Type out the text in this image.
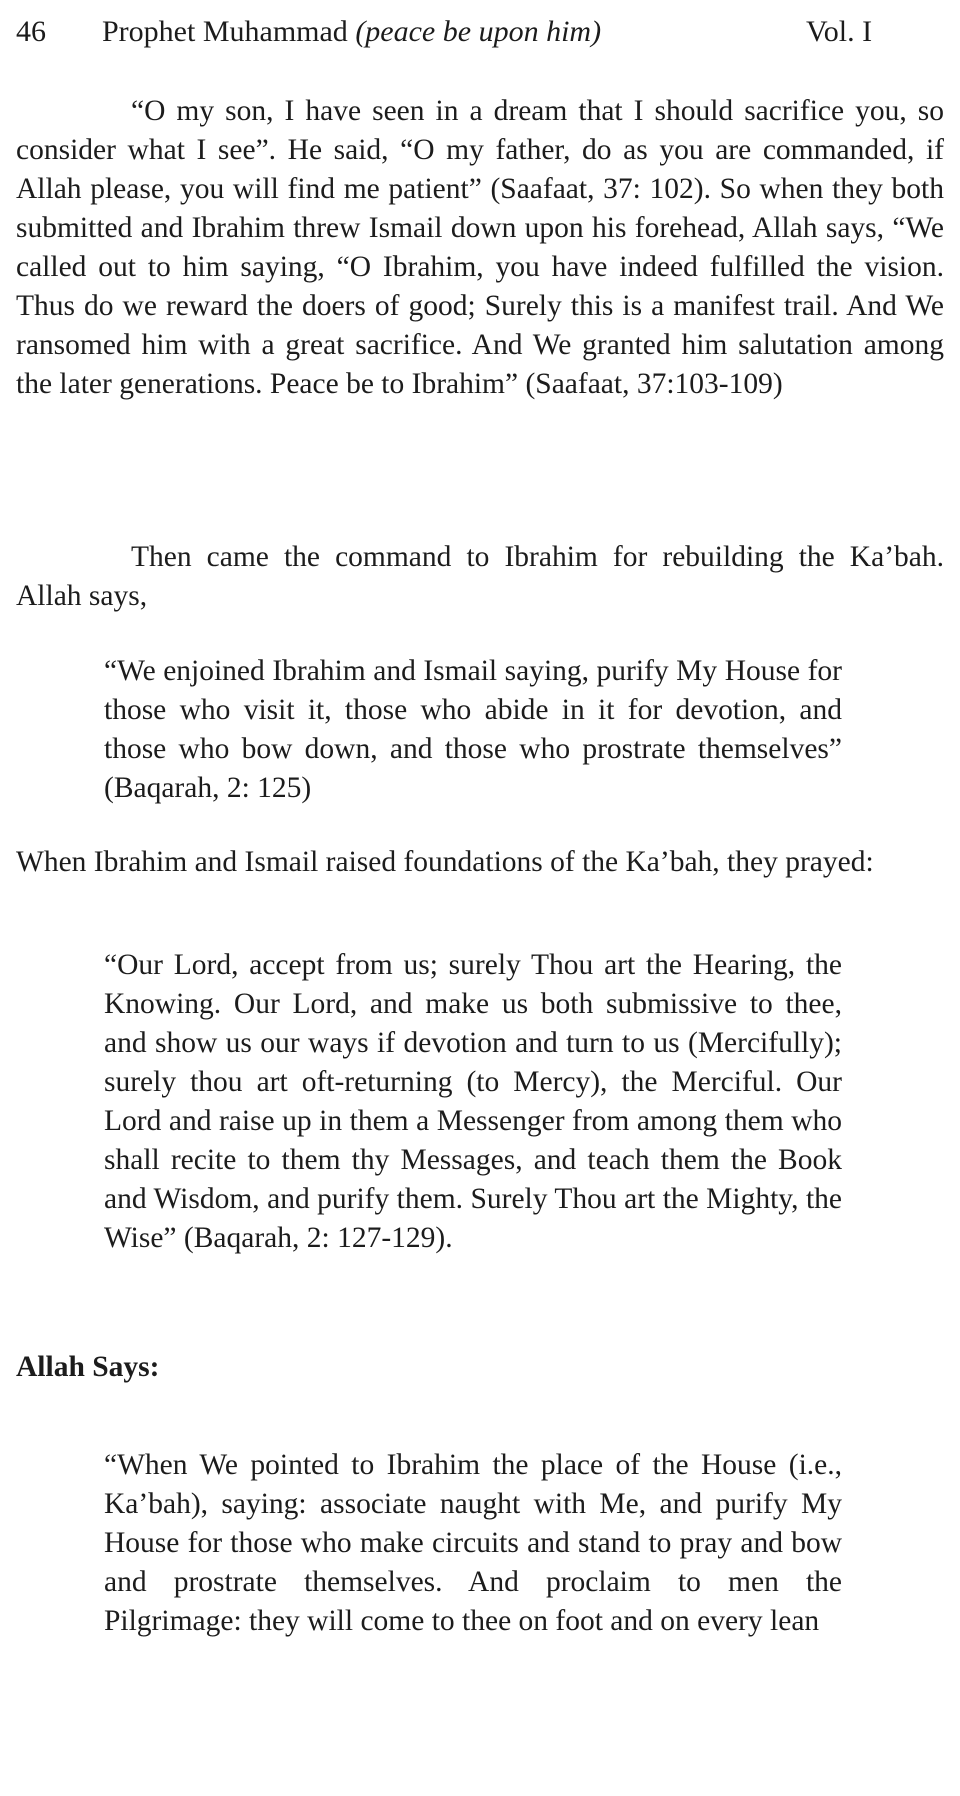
46 Prophet Muhammad (peace be upon him)	Vol. I

“O my son, I have seen in a dream that I should sacrifice you, so consider what I see”. He said, “O my father, do as you are commanded, if Allah please, you will find me patient” (Saafaat, 37: 102). So when they both submitted and Ibrahim threw Ismail down upon his forehead, Allah says, “We called out to him saying, “O Ibrahim, you have indeed fulfilled the vision. Thus do we reward the doers of good; Surely this is a manifest trail. And We ransomed him with a great sacrifice. And We granted him salutation among the later generations. Peace be to Ibrahim” (Saafaat, 37:103-109)

Then came the command to Ibrahim for rebuilding the Ka’bah. Allah says,

“We enjoined Ibrahim and Ismail saying, purify My House for those who visit it, those who abide in it for devotion, and those who bow down, and those who prostrate themselves” (Baqarah, 2: 125)

When Ibrahim and Ismail raised foundations of the Ka’bah, they prayed:

“Our Lord, accept from us; surely Thou art the Hearing, the Knowing. Our Lord, and make us both submissive to thee, and show us our ways if devotion and turn to us (Mercifully); surely thou art oft-returning (to Mercy), the Merciful. Our Lord and raise up in them a Messenger from among them who shall recite to them thy Messages, and teach them the Book and Wisdom, and purify them. Surely Thou art the Mighty, the Wise” (Baqarah, 2: 127-129).

Allah Says:

“When We pointed to Ibrahim the place of the House (i.e., Ka’bah), saying: associate naught with Me, and purify My House for those who make circuits and stand to pray and bow and prostrate themselves. And proclaim to men the Pilgrimage: they will come to thee on foot and on every lean
